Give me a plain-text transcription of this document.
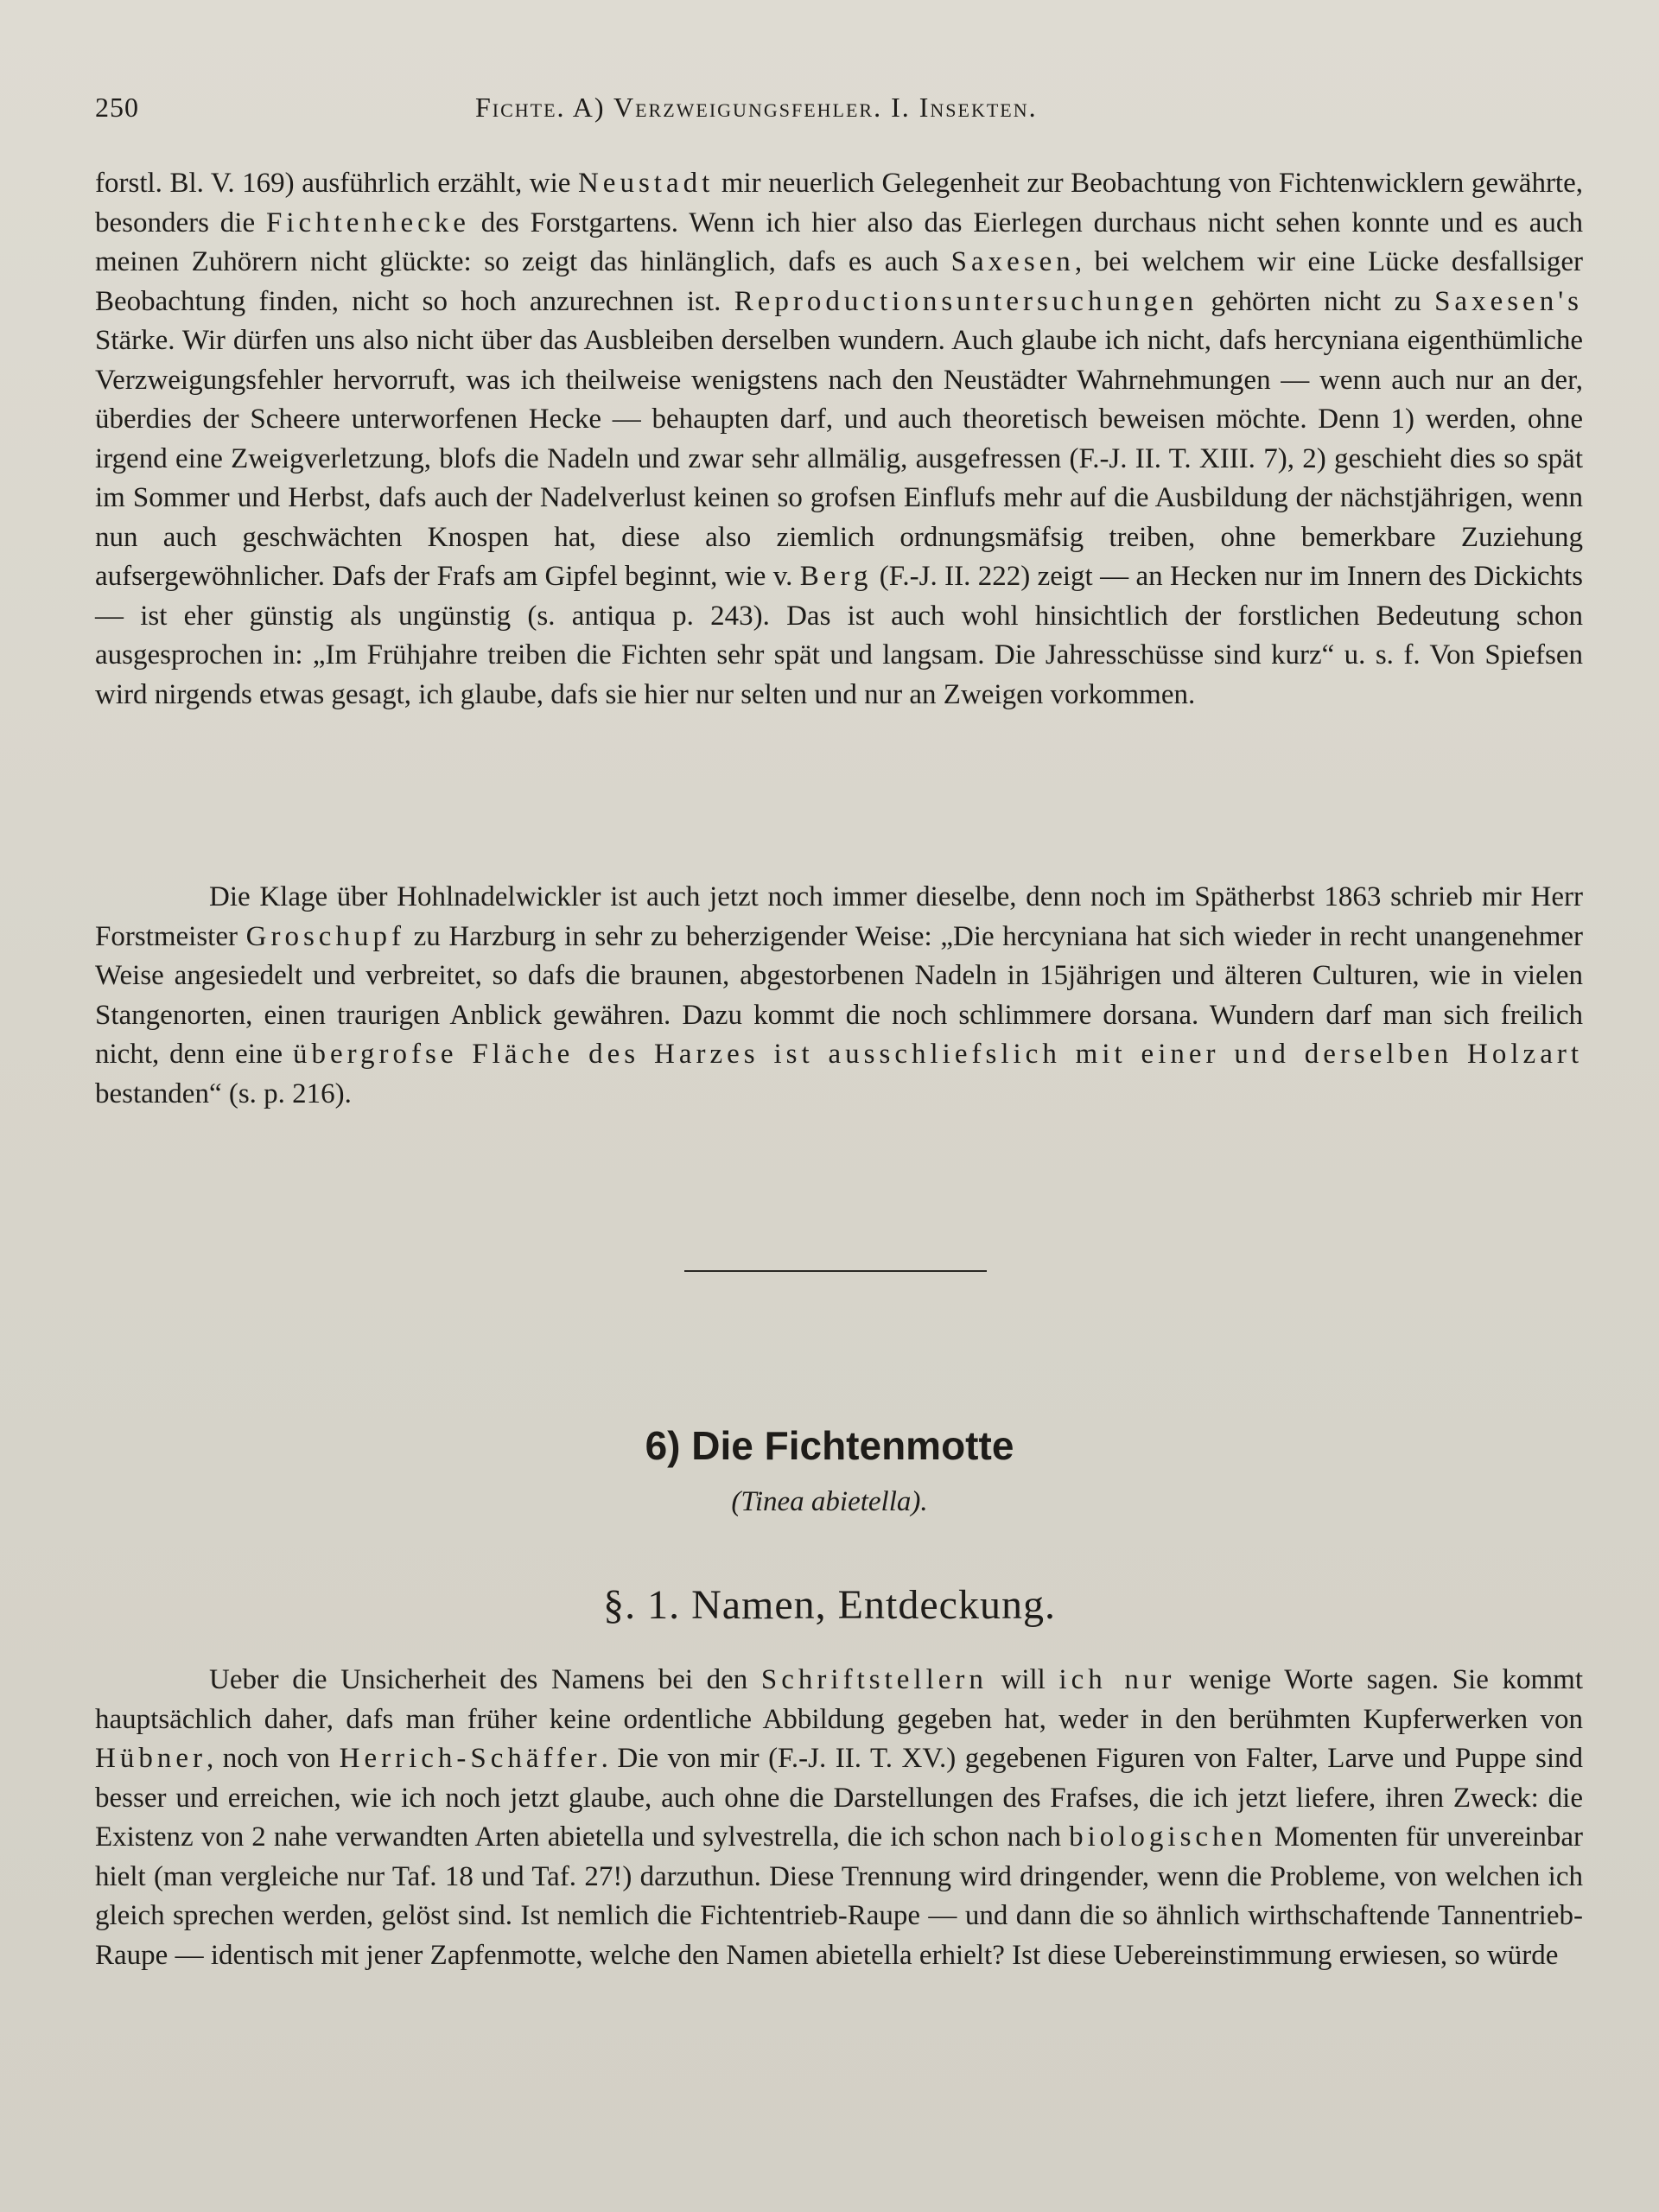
250	Fichte. A) Verzweigungsfehler. I. Insekten.

forstl. Bl. V. 169) ausführlich erzählt, wie Neustadt mir neuerlich Gelegenheit zur Beobachtung von Fichtenwicklern gewährte, besonders die Fichtenhecke des Forstgartens. Wenn ich hier also das Eierlegen durchaus nicht sehen konnte und es auch meinen Zuhörern nicht glückte: so zeigt das hinlänglich, dafs es auch Saxesen, bei welchem wir eine Lücke desfallsiger Beobachtung finden, nicht so hoch anzurechnen ist. Reproductionsuntersuchungen gehörten nicht zu Saxesen's Stärke. Wir dürfen uns also nicht über das Ausbleiben derselben wundern. Auch glaube ich nicht, dafs hercyniana eigenthümliche Verzweigungsfehler hervorruft, was ich theilweise wenigstens nach den Neustädter Wahrnehmungen — wenn auch nur an der, überdies der Scheere unterworfenen Hecke — behaupten darf, und auch theoretisch beweisen möchte. Denn 1) werden, ohne irgend eine Zweigverletzung, blofs die Nadeln und zwar sehr allmälig, ausgefressen (F.-J. II. T. XIII. 7), 2) geschieht dies so spät im Sommer und Herbst, dafs auch der Nadelverlust keinen so grofsen Einflufs mehr auf die Ausbildung der nächstjährigen, wenn nun auch geschwächten Knospen hat, diese also ziemlich ordnungsmäfsig treiben, ohne bemerkbare Zuziehung aufsergewöhnlicher. Dafs der Frafs am Gipfel beginnt, wie v. Berg (F.-J. II. 222) zeigt — an Hecken nur im Innern des Dickichts — ist eher günstig als ungünstig (s. antiqua p. 243). Das ist auch wohl hinsichtlich der forstlichen Bedeutung schon ausgesprochen in: „Im Frühjahre treiben die Fichten sehr spät und langsam. Die Jahresschüsse sind kurz“ u. s. f. Von Spiefsen wird nirgends etwas gesagt, ich glaube, dafs sie hier nur selten und nur an Zweigen vorkommen.

Die Klage über Hohlnadelwickler ist auch jetzt noch immer dieselbe, denn noch im Spätherbst 1863 schrieb mir Herr Forstmeister Groschupf zu Harzburg in sehr zu beherzigender Weise: „Die hercyniana hat sich wieder in recht unangenehmer Weise angesiedelt und verbreitet, so dafs die braunen, abgestorbenen Nadeln in 15jährigen und älteren Culturen, wie in vielen Stangenorten, einen traurigen Anblick gewähren. Dazu kommt die noch schlimmere dorsana. Wundern darf man sich freilich nicht, denn eine übergrofse Fläche des Harzes ist ausschliefslich mit einer und derselben Holzart bestanden“ (s. p. 216).

6) Die Fichtenmotte
(Tinea abietella).
§. 1. Namen, Entdeckung.

Ueber die Unsicherheit des Namens bei den Schriftstellern will ich nur wenige Worte sagen. Sie kommt hauptsächlich daher, dafs man früher keine ordentliche Abbildung gegeben hat, weder in den berühmten Kupferwerken von Hübner, noch von Herrich-Schäffer. Die von mir (F.-J. II. T. XV.) gegebenen Figuren von Falter, Larve und Puppe sind besser und erreichen, wie ich noch jetzt glaube, auch ohne die Darstellungen des Frafses, die ich jetzt liefere, ihren Zweck: die Existenz von 2 nahe verwandten Arten abietella und sylvestrella, die ich schon nach biologischen Momenten für unvereinbar hielt (man vergleiche nur Taf. 18 und Taf. 27!) darzuthun. Diese Trennung wird dringender, wenn die Probleme, von welchen ich gleich sprechen werden, gelöst sind. Ist nemlich die Fichtentrieb-Raupe — und dann die so ähnlich wirthschaftende Tannentrieb-Raupe — identisch mit jener Zapfenmotte, welche den Namen abietella erhielt? Ist diese Uebereinstimmung erwiesen, so würde
